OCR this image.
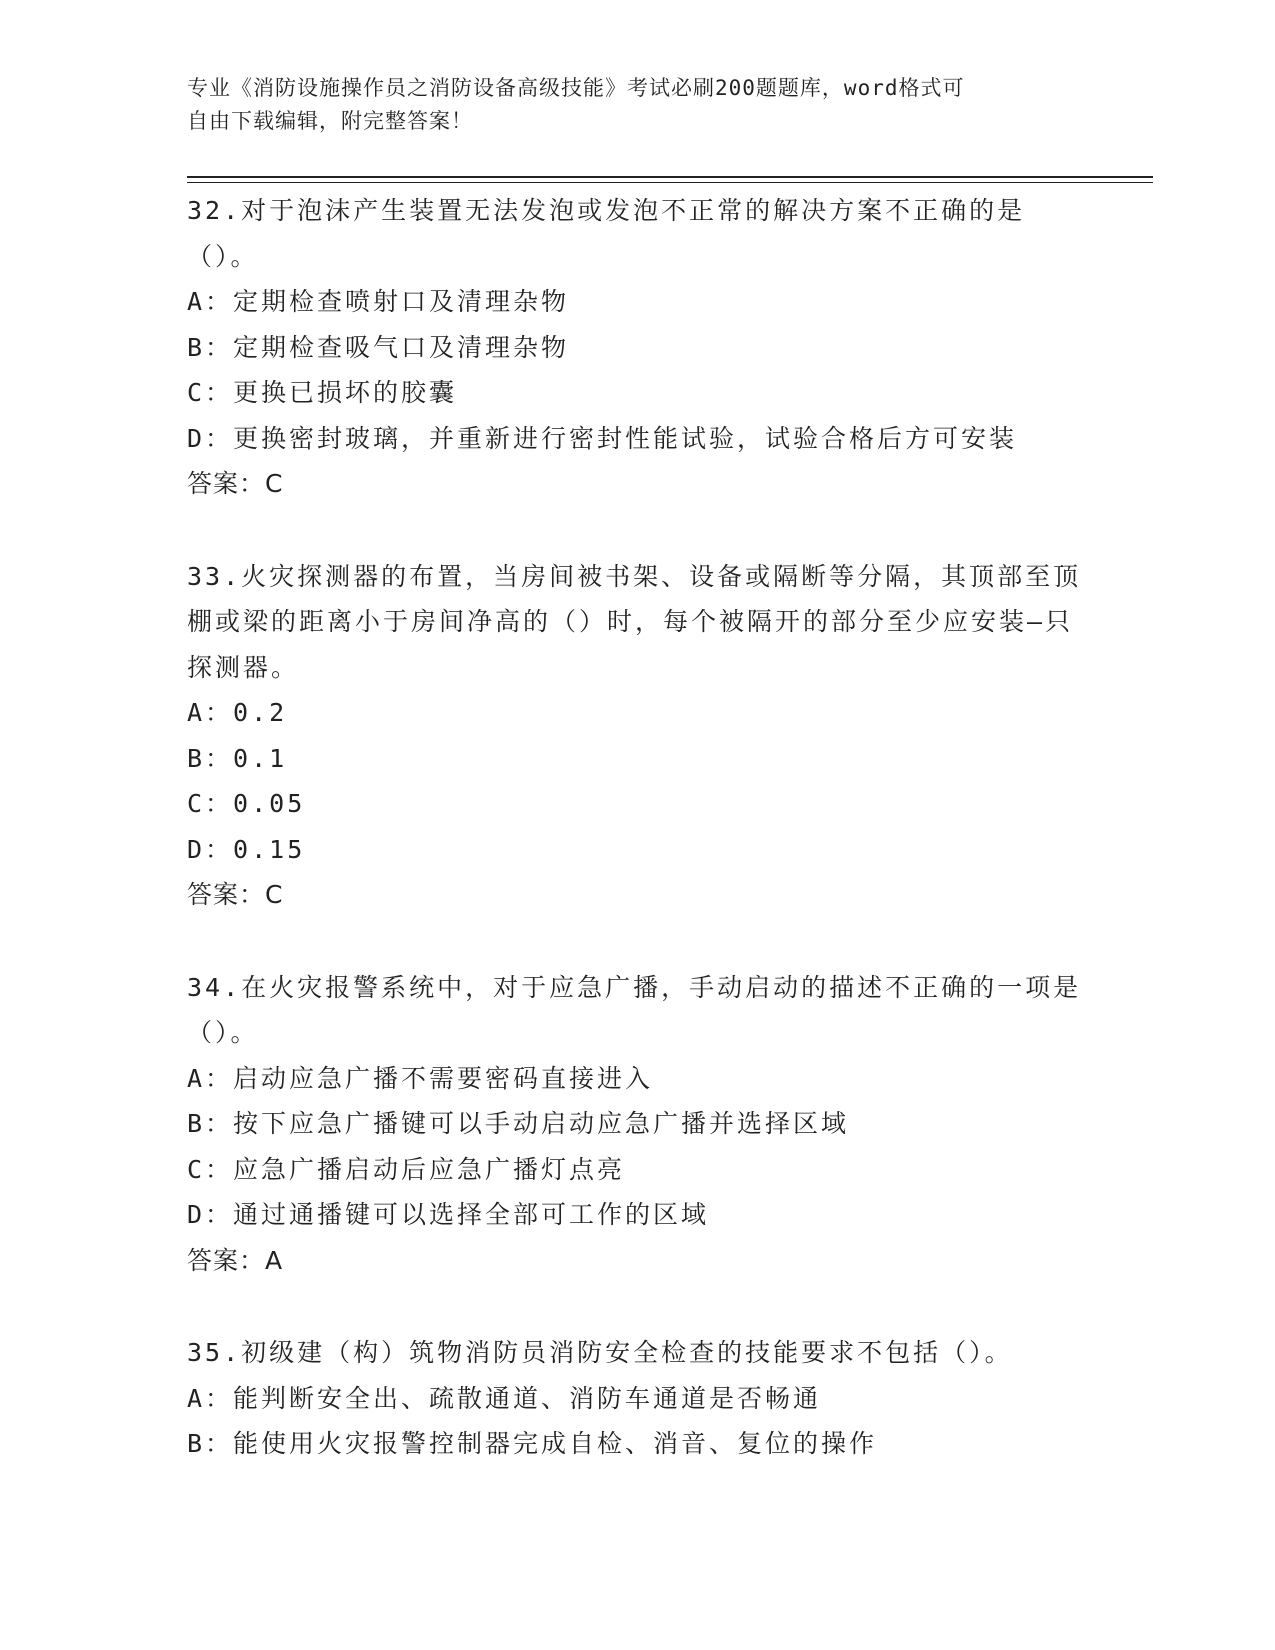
专业《消防设施操作员之消防设备高级技能》考试必刷200题题库，word格式可
自由下载编辑，附完整答案！
32.对于泡沫产生装置无法发泡或发泡不正常的解决方案不正确的是（）。
A：定期检查喷射口及清理杂物
B：定期检查吸气口及清理杂物
C：更换已损坏的胶囊
D：更换密封玻璃，并重新进行密封性能试验，试验合格后方可安装
答案：C
33.火灾探测器的布置，当房间被书架、设备或隔断等分隔，其顶部至顶棚或梁的距离小于房间净高的（）时，每个被隔开的部分至少应安装—只探测器。
A：0.2
B：0.1
C：0.05
D：0.15
答案：C
34.在火灾报警系统中，对于应急广播，手动启动的描述不正确的一项是（）。
A：启动应急广播不需要密码直接进入
B：按下应急广播键可以手动启动应急广播并选择区域
C：应急广播启动后应急广播灯点亮
D：通过通播键可以选择全部可工作的区域
答案：A
35.初级建（构）筑物消防员消防安全检查的技能要求不包括（）。
A：能判断安全出、疏散通道、消防车通道是否畅通
B：能使用火灾报警控制器完成自检、消音、复位的操作
